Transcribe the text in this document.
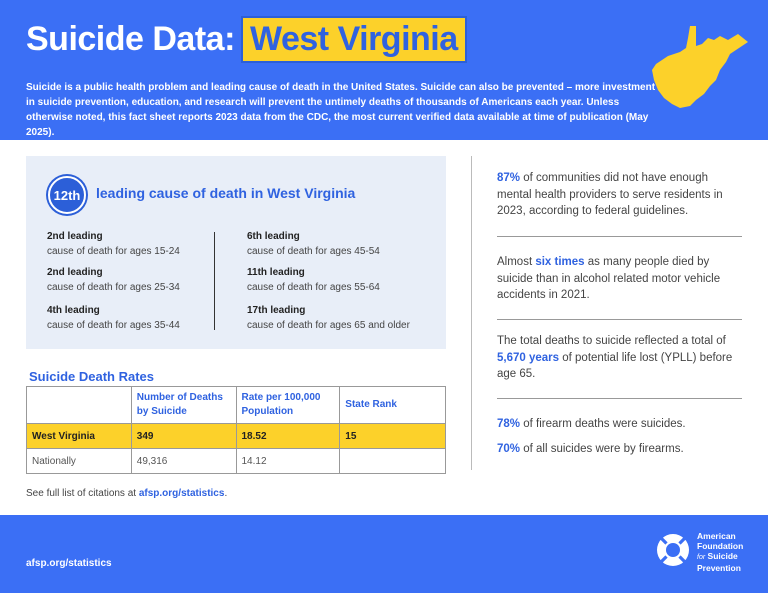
Suicide Data: West Virginia
Suicide is a public health problem and leading cause of death in the United States. Suicide can also be prevented – more investment in suicide prevention, education, and research will prevent the untimely deaths of thousands of Americans each year. Unless otherwise noted, this fact sheet reports 2023 data from the CDC, the most current verified data available at time of publication (May 2025).
12th	leading cause of death in West Virginia
2nd leading
cause of death for ages 15-24
2nd leading
cause of death for ages 25-34
4th leading
cause of death for ages 35-44
6th leading
cause of death for ages 45-54
11th leading
cause of death for ages 55-64
17th leading
cause of death for ages 65 and older
Suicide Death Rates
	Number of Deaths by Suicide	Rate per 100,000 Population	State Rank
West Virginia	349	18.52	15
Nationally	49,316	14.12	
See full list of citations at afsp.org/statistics.
87% of communities did not have enough mental health providers to serve residents in 2023, according to federal guidelines.
Almost six times as many people died by suicide than in alcohol related motor vehicle accidents in 2021.
The total deaths to suicide reflected a total of 5,670 years of potential life lost (YPLL) before age 65.
78% of firearm deaths were suicides.
70% of all suicides were by firearms.
afsp.org/statistics
American
Foundation
for Suicide
Prevention
